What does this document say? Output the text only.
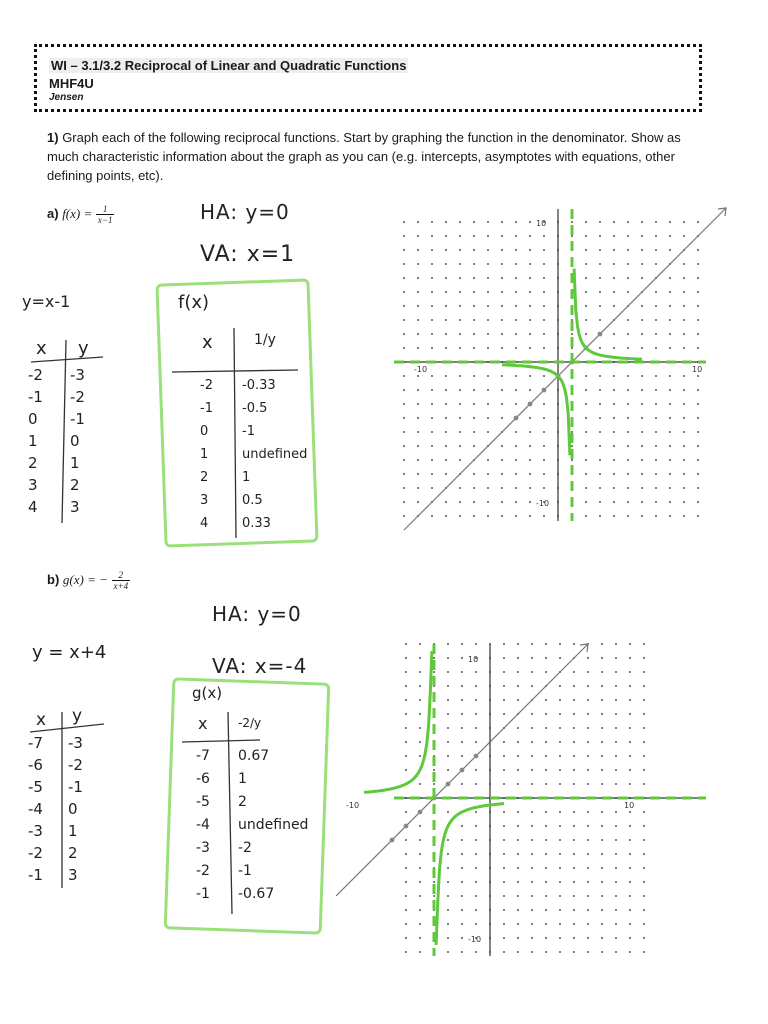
WI – 3.1/3.2 Reciprocal of Linear and Quadratic Functions
MHF4U
Jensen
1) Graph each of the following reciprocal functions. Start by graphing the function in the denominator. Show as much characteristic information about the graph as you can (e.g. intercepts, asymptotes with equations, other defining points, etc).
a) $f(x) = \frac{1}{x-1}$	HA: y=0
VA: x=1
y=x-1
x y
-2 -3
-1 -2
0 -1
1 0
2 1
3 2
4 3
f(x)
x	1/y
-2 -0.33
-1 -0.5
0	-1
1	undefined
2	1
3	0.5
4	0.33
10
-10
-10	10
b) g(x) = − $\frac{2}{x+4}$
HA: y=0
VA: x=-4
y = x+4
x y
-7 -3
-6 -2
-5 -1
-4 0
-3 1
-2 2
-1 3
g(x)
x	-2/y
-7 0.67
-6 1
-5 2
-4 undefined
-3 -2
-2 -1
-1 -0.67
10
-10
-10	10
